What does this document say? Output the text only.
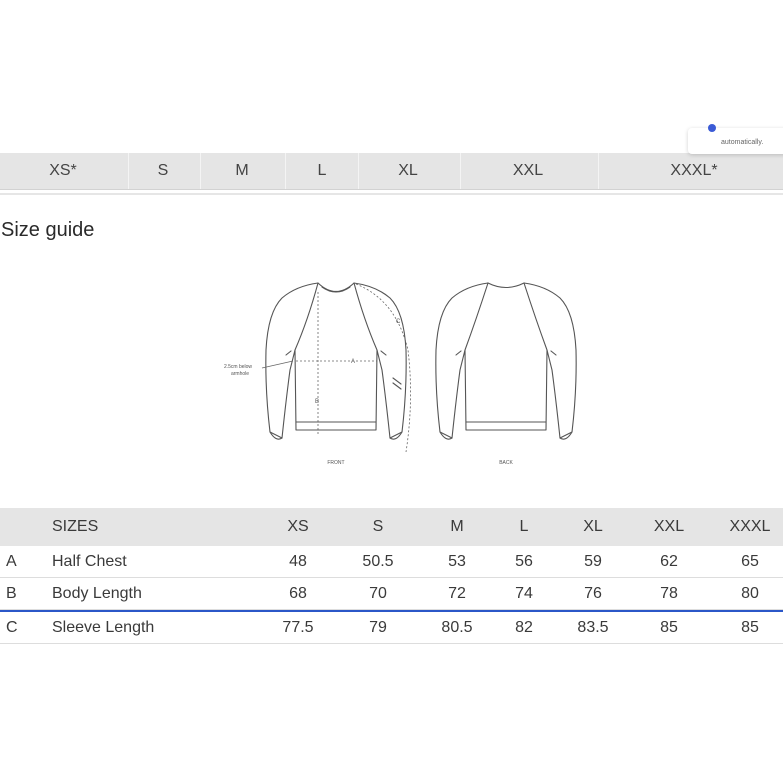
XS*	S	M	L	XL	XXL	XXXL*
automatically.
Size guide
A
B
C
2.5cm below
armhole
FRONT	BACK
SIZES	XS	S	M	L	XL	XXL	XXXL
A Half Chest	48	50.5	53	56	59	62	65
B Body Length	68	70	72	74	76	78	80
C Sleeve Length	77.5	79	80.5	82	83.5	85	85
